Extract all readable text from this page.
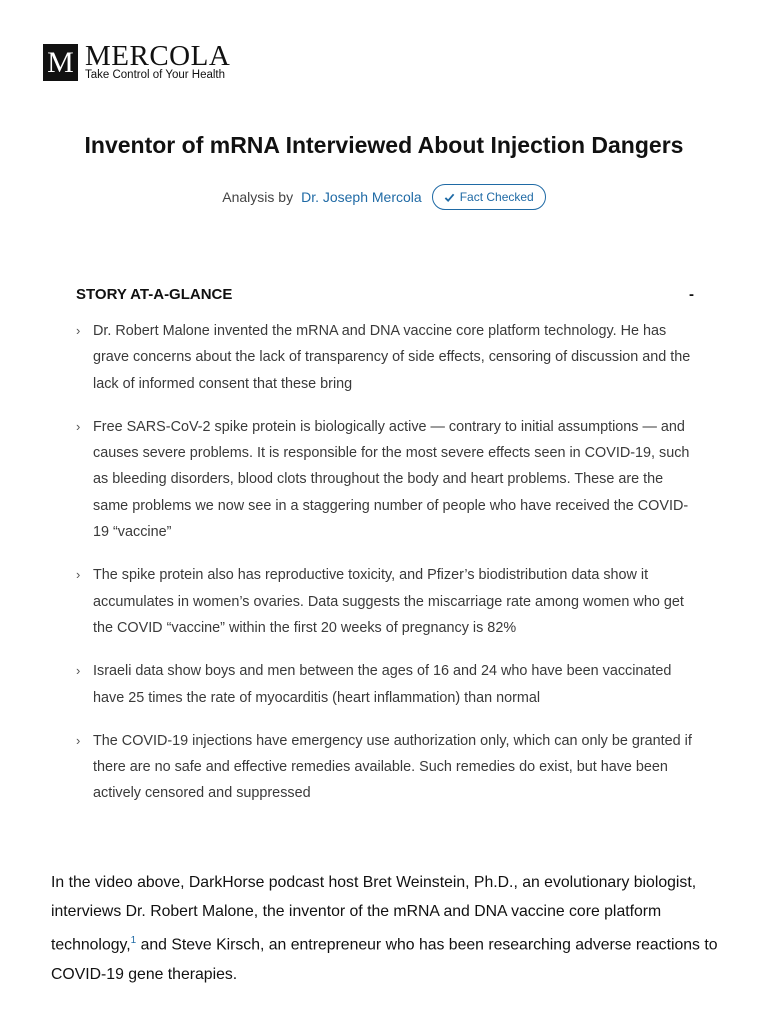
M MERCOLA
Take Control of Your Health
Inventor of mRNA Interviewed About Injection Dangers
Analysis by Dr. Joseph Mercola	Fact Checked
STORY AT-A-GLANCE	-
› Dr. Robert Malone invented the mRNA and DNA vaccine core platform technology. He has grave concerns about the lack of transparency of side effects, censoring of discussion and the lack of informed consent that these bring
› Free SARS-CoV-2 spike protein is biologically active — contrary to initial assumptions — and causes severe problems. It is responsible for the most severe effects seen in COVID-19, such as bleeding disorders, blood clots throughout the body and heart problems. These are the same problems we now see in a staggering number of people who have received the COVID-19 “vaccine”
› The spike protein also has reproductive toxicity, and Pfizer’s biodistribution data show it accumulates in women’s ovaries. Data suggests the miscarriage rate among women who get the COVID “vaccine” within the first 20 weeks of pregnancy is 82%
› Israeli data show boys and men between the ages of 16 and 24 who have been vaccinated have 25 times the rate of myocarditis (heart inflammation) than normal
› The COVID-19 injections have emergency use authorization only, which can only be granted if there are no safe and effective remedies available. Such remedies do exist, but have been actively censored and suppressed

In the video above, DarkHorse podcast host Bret Weinstein, Ph.D., an evolutionary biologist, interviews Dr. Robert Malone, the inventor of the mRNA and DNA vaccine core platform technology,$^1$ and Steve Kirsch, an entrepreneur who has been researching adverse reactions to COVID-19 gene therapies.
